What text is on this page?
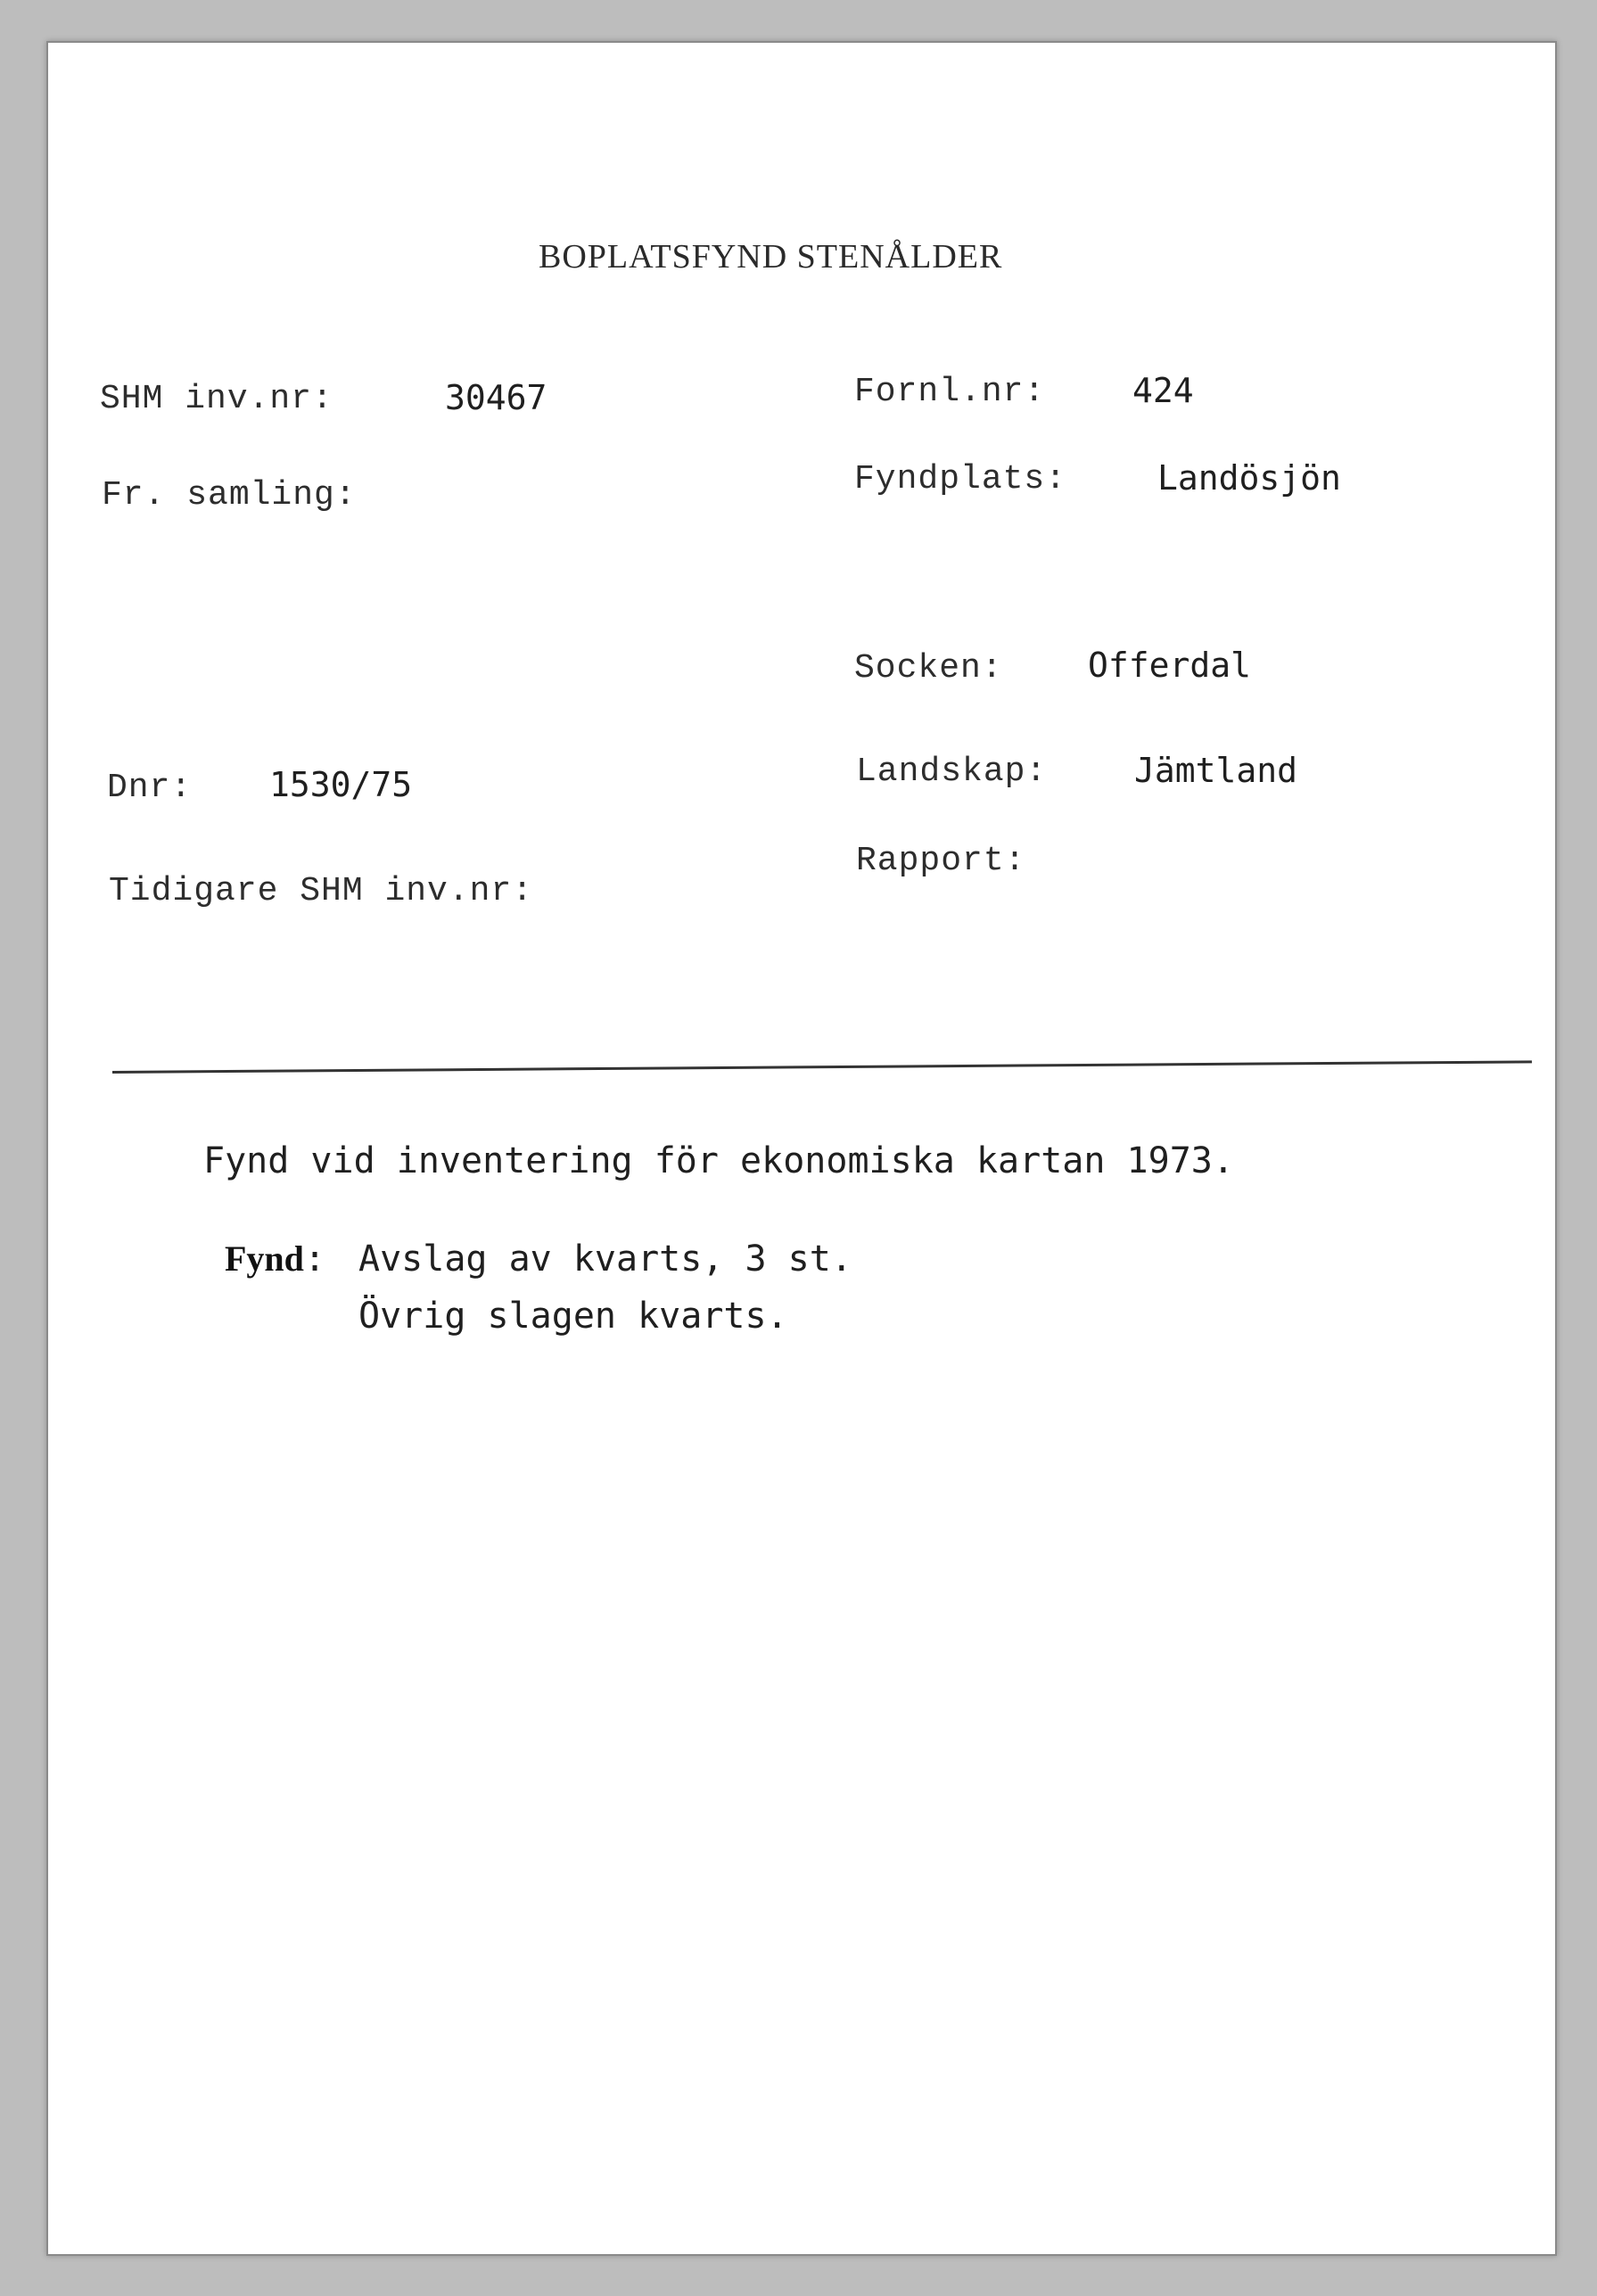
BOPLATSFYND STENÅLDER
SHM inv.nr:	30467
Fr. samling:
Dnr: 1530/75
Tidigare SHM inv.nr:
Fornl.nr:	424
Fyndplats:	Landösjön
Socken:	Offerdal
Landskap:	Jämtland
Rapport:
Fynd vid inventering för ekonomiska kartan 1973.
Fynd: Avslag av kvarts, 3 st.
Övrig slagen kvarts.
